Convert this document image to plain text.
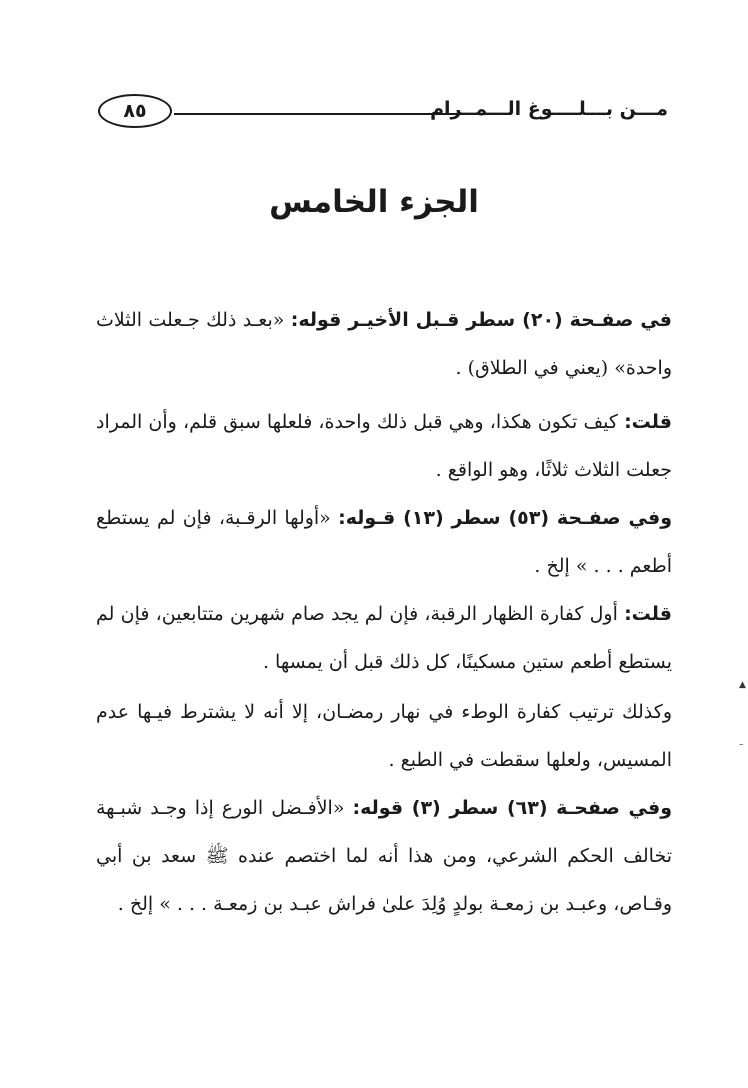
مـــن بـــلــــوغ الـــمــرام
٨٥
الجزء الخامس

في صفـحة (٢٠) سطر قـبل الأخيـر قوله: «بعـد ذلك جـعلت الثلاث واحدة» (يعني في الطلاق) .

قلت: كيف تكون هكذا، وهي قبل ذلك واحدة، فلعلها سبق قلم، وأن المراد جعلت الثلاث ثلاثًا، وهو الواقع .

وفي صفـحة (٥٣) سطر (١٣) قـوله: «أولها الرقـبة، فإن لم يستطع أطعم . . . » إلخ .

قلت: أول كفارة الظهار الرقبة، فإن لم يجد صام شهرين متتابعين، فإن لم يستطع أطعم ستين مسكينًا، كل ذلك قبل أن يمسها .

وكذلك ترتيب كفارة الوطء في نهار رمضـان، إلا أنه لا يشترط فيـها عدم المسيس، ولعلها سقطت في الطبع .

وفي صفحـة (٦٣) سطر (٣) قوله: «الأفـضل الورع إذا وجـد شبـهة تخالف الحكم الشرعي، ومن هذا أنه لما اختصم عنده ﷺ سعد بن أبي وقـاص، وعبـد بن زمعـة بولدٍ وُلِدَ علىٰ فراش عبـد بن زمعـة . . . » إلخ .

▲
–
